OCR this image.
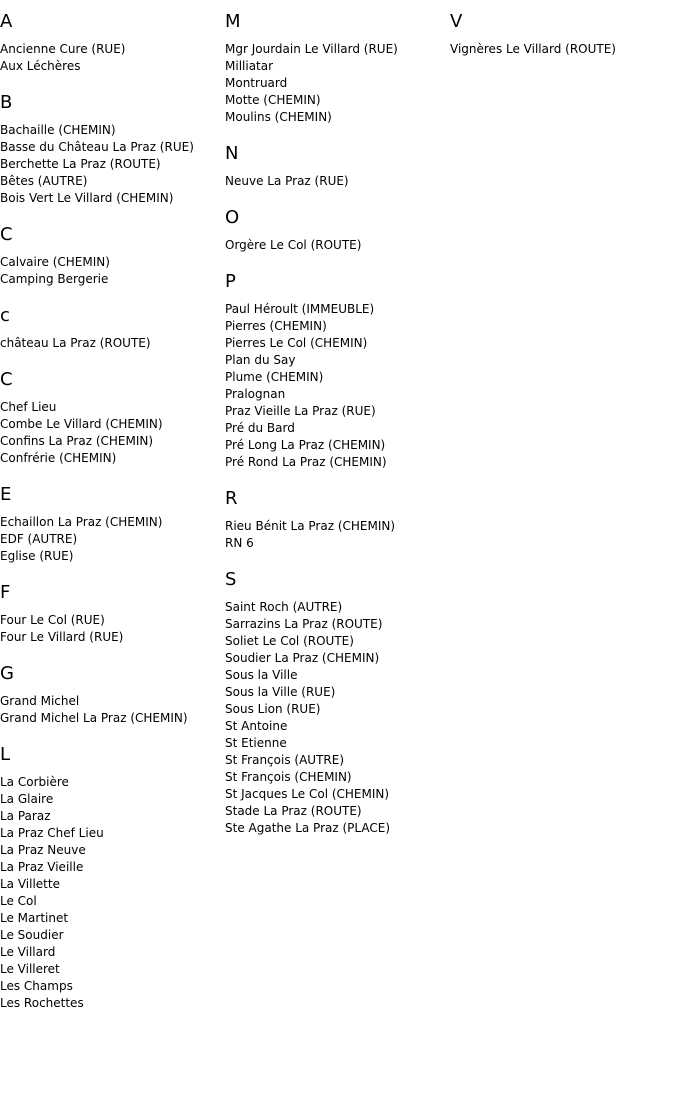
A
Ancienne Cure (RUE)
Aux Léchères
B
Bachaille (CHEMIN)
Basse du Château La Praz (RUE)
Berchette La Praz (ROUTE)
Bêtes (AUTRE)
Bois Vert Le Villard (CHEMIN)
C
Calvaire (CHEMIN)
Camping Bergerie
c
château La Praz (ROUTE)
C
Chef Lieu
Combe Le Villard (CHEMIN)
Confins La Praz (CHEMIN)
Confrérie (CHEMIN)
E
Echaillon La Praz (CHEMIN)
EDF (AUTRE)
Eglise (RUE)
F
Four Le Col (RUE)
Four Le Villard (RUE)
G
Grand Michel
Grand Michel La Praz (CHEMIN)
L
La Corbière
La Glaire
La Paraz
La Praz Chef Lieu
La Praz Neuve
La Praz Vieille
La Villette
Le Col
Le Martinet
Le Soudier
Le Villard
Le Villeret
Les Champs
Les Rochettes
M
Mgr Jourdain Le Villard (RUE)
Milliatar
Montruard
Motte (CHEMIN)
Moulins (CHEMIN)
N
Neuve La Praz (RUE)
O
Orgère Le Col (ROUTE)
P
Paul Héroult (IMMEUBLE)
Pierres (CHEMIN)
Pierres Le Col (CHEMIN)
Plan du Say
Plume (CHEMIN)
Pralognan
Praz Vieille La Praz (RUE)
Pré du Bard
Pré Long La Praz (CHEMIN)
Pré Rond La Praz (CHEMIN)
R
Rieu Bénit La Praz (CHEMIN)
RN 6
S
Saint Roch (AUTRE)
Sarrazins La Praz (ROUTE)
Soliet Le Col (ROUTE)
Soudier La Praz (CHEMIN)
Sous la Ville
Sous la Ville (RUE)
Sous Lion (RUE)
St Antoine
St Etienne
St François (AUTRE)
St François (CHEMIN)
St Jacques Le Col (CHEMIN)
Stade La Praz (ROUTE)
Ste Agathe La Praz (PLACE)
V
Vignères Le Villard (ROUTE)
